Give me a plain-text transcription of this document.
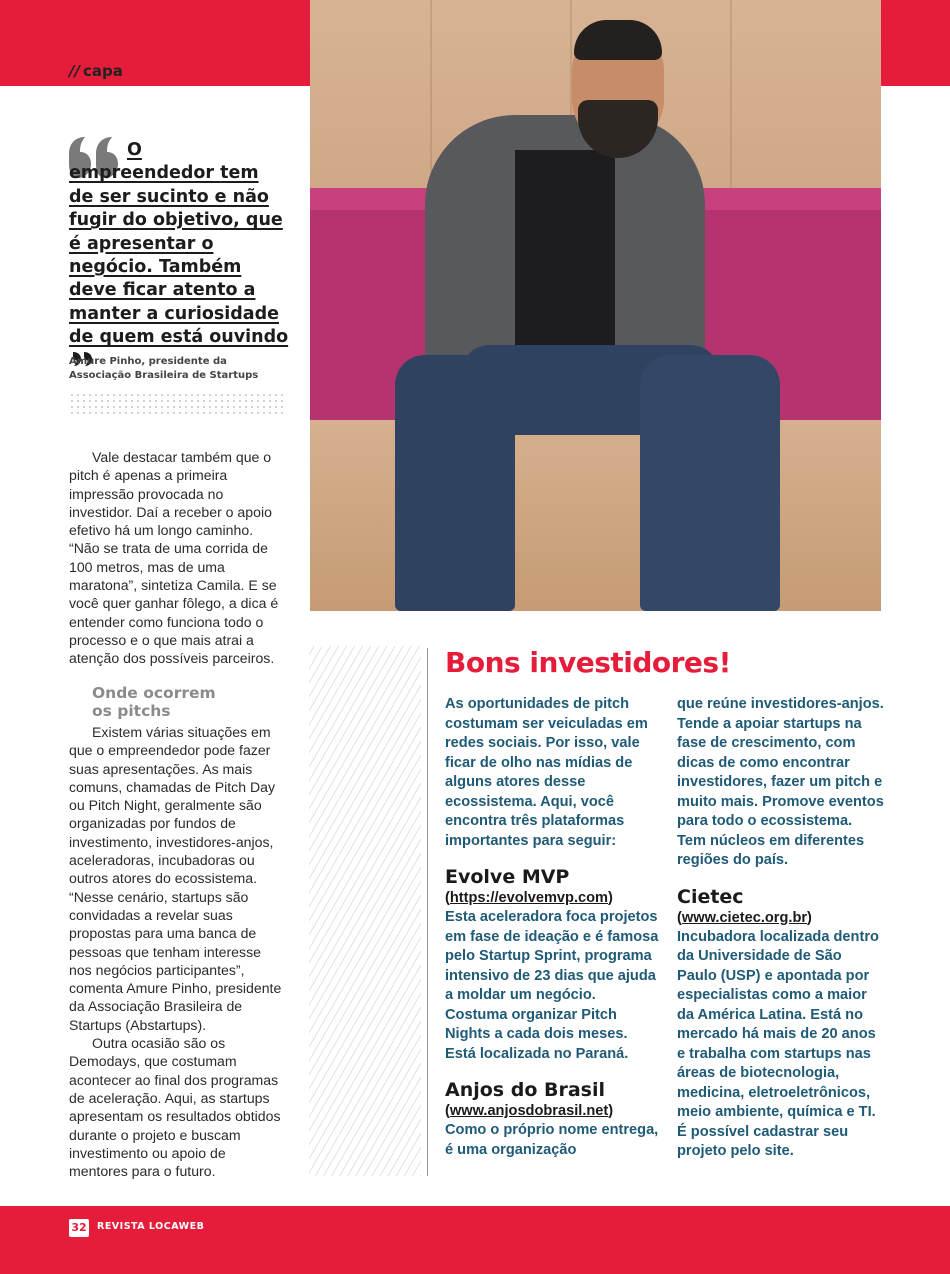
// capa
O empreendedor tem de ser sucinto e não fugir do objetivo, que é apresentar o negócio. Também deve ficar atento a manter a curiosidade de quem está ouvindo
Amure Pinho, presidente da
Associação Brasileira de Startups

Vale destacar também que o pitch é apenas a primeira impressão provocada no investidor. Daí a receber o apoio efetivo há um longo caminho. “Não se trata de uma corrida de 100 metros, mas de uma maratona”, sintetiza Camila. E se você quer ganhar fôlego, a dica é entender como funciona todo o processo e o que mais atrai a atenção dos possíveis parceiros.

Onde ocorrem
os pitchs

Existem várias situações em que o empreendedor pode fazer suas apresentações. As mais comuns, chamadas de Pitch Day ou Pitch Night, geralmente são organizadas por fundos de investimento, investidores-anjos, aceleradoras, incubadoras ou outros atores do ecossistema. “Nesse cenário, startups são convidadas a revelar suas propostas para uma banca de pessoas que tenham interesse nos negócios participantes”, comenta Amure Pinho, presidente da Associação Brasileira de Startups (Abstartups).

Outra ocasião são os Demodays, que costumam acontecer ao final dos programas de aceleração. Aqui, as startups apresentam os resultados obtidos durante o projeto e buscam investimento ou apoio de mentores para o futuro.

Bons investidores!

As oportunidades de pitch costumam ser veiculadas em redes sociais. Por isso, vale ficar de olho nas mídias de alguns atores desse ecossistema. Aqui, você encontra três plataformas importantes para seguir:

Evolve MVP
(https://evolvemvp.com)

Esta aceleradora foca projetos em fase de ideação e é famosa pelo Startup Sprint, programa intensivo de 23 dias que ajuda a moldar um negócio. Costuma organizar Pitch Nights a cada dois meses. Está localizada no Paraná.

Anjos do Brasil
(www.anjosdobrasil.net)

Como o próprio nome entrega, é uma organização

que reúne investidores-anjos. Tende a apoiar startups na fase de crescimento, com dicas de como encontrar investidores, fazer um pitch e muito mais. Promove eventos para todo o ecossistema. Tem núcleos em diferentes regiões do país.

Cietec
(www.cietec.org.br)

Incubadora localizada dentro da Universidade de São Paulo (USP) e apontada por especialistas como a maior da América Latina. Está no mercado há mais de 20 anos e trabalha com startups nas áreas de biotecnologia, medicina, eletroeletrônicos, meio ambiente, química e TI. É possível cadastrar seu projeto pelo site.

32 REVISTA LOCAWEB
